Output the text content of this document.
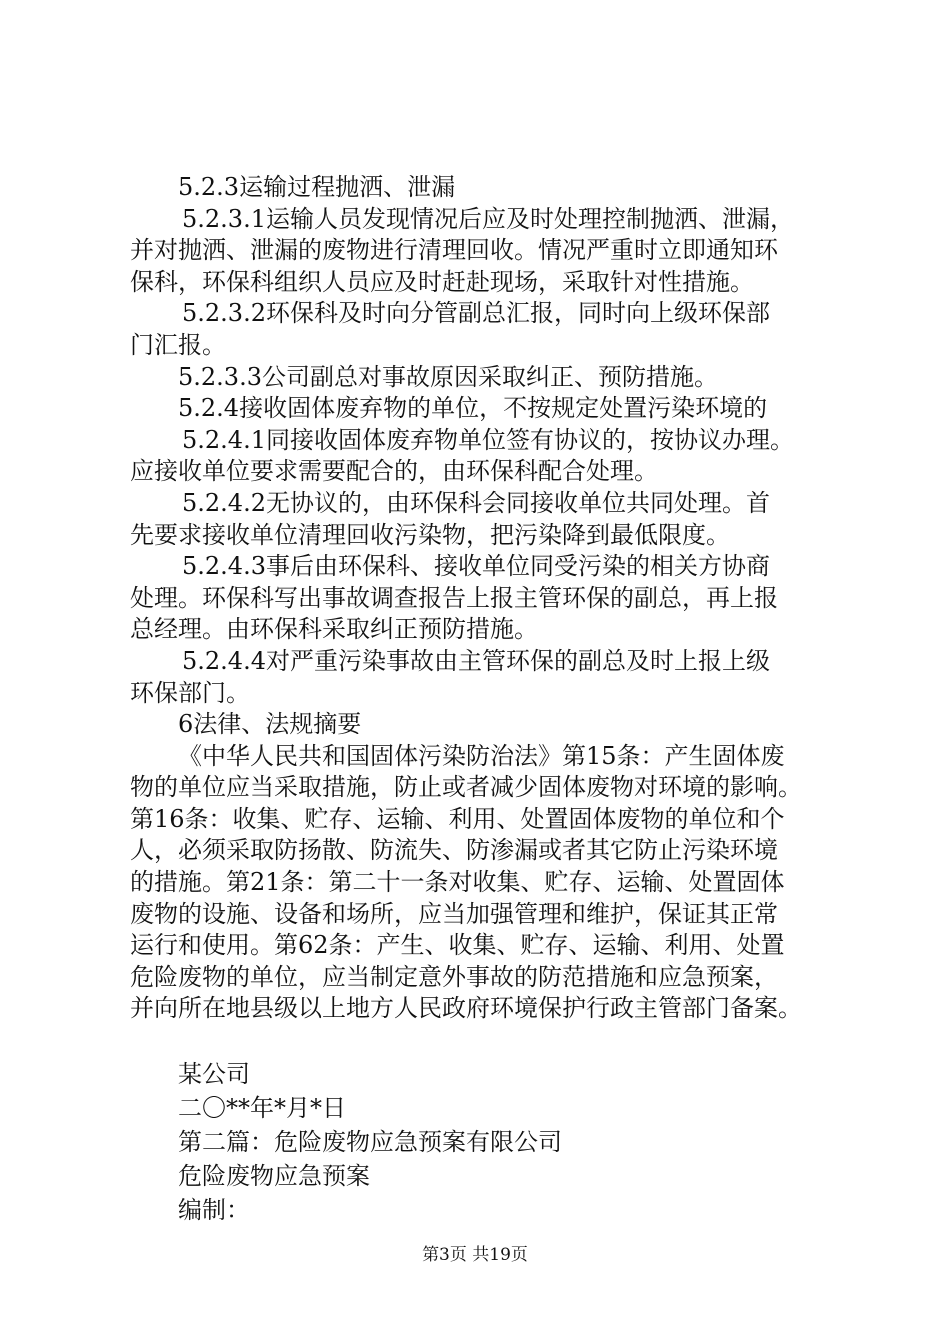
5.2.3运输过程抛洒、泄漏
5.2.3.1运输人员发现情况后应及时处理控制抛洒、泄漏，
并对抛洒、泄漏的废物进行清理回收。情况严重时立即通知环
保科，环保科组织人员应及时赶赴现场，采取针对性措施。
5.2.3.2环保科及时向分管副总汇报，同时向上级环保部
门汇报。
5.2.3.3公司副总对事故原因采取纠正、预防措施。
5.2.4接收固体废弃物的单位，不按规定处置污染环境的
5.2.4.1同接收固体废弃物单位签有协议的，按协议办理。
应接收单位要求需要配合的，由环保科配合处理。
5.2.4.2无协议的，由环保科会同接收单位共同处理。首
先要求接收单位清理回收污染物，把污染降到最低限度。
5.2.4.3事后由环保科、接收单位同受污染的相关方协商
处理。环保科写出事故调查报告上报主管环保的副总，再上报
总经理。由环保科采取纠正预防措施。
5.2.4.4对严重污染事故由主管环保的副总及时上报上级
环保部门。
6法律、法规摘要
《中华人民共和国固体污染防治法》第15条：产生固体废
物的单位应当采取措施，防止或者减少固体废物对环境的影响。
第16条：收集、贮存、运输、利用、处置固体废物的单位和个
人，必须采取防扬散、防流失、防渗漏或者其它防止污染环境
的措施。第21条：第二十一条对收集、贮存、运输、处置固体
废物的设施、设备和场所，应当加强管理和维护，保证其正常
运行和使用。第62条：产生、收集、贮存、运输、利用、处置
危险废物的单位，应当制定意外事故的防范措施和应急预案，
并向所在地县级以上地方人民政府环境保护行政主管部门备案。
某公司
二〇**年*月*日
第二篇：危险废物应急预案有限公司
危险废物应急预案
编制：
第3页 共19页
